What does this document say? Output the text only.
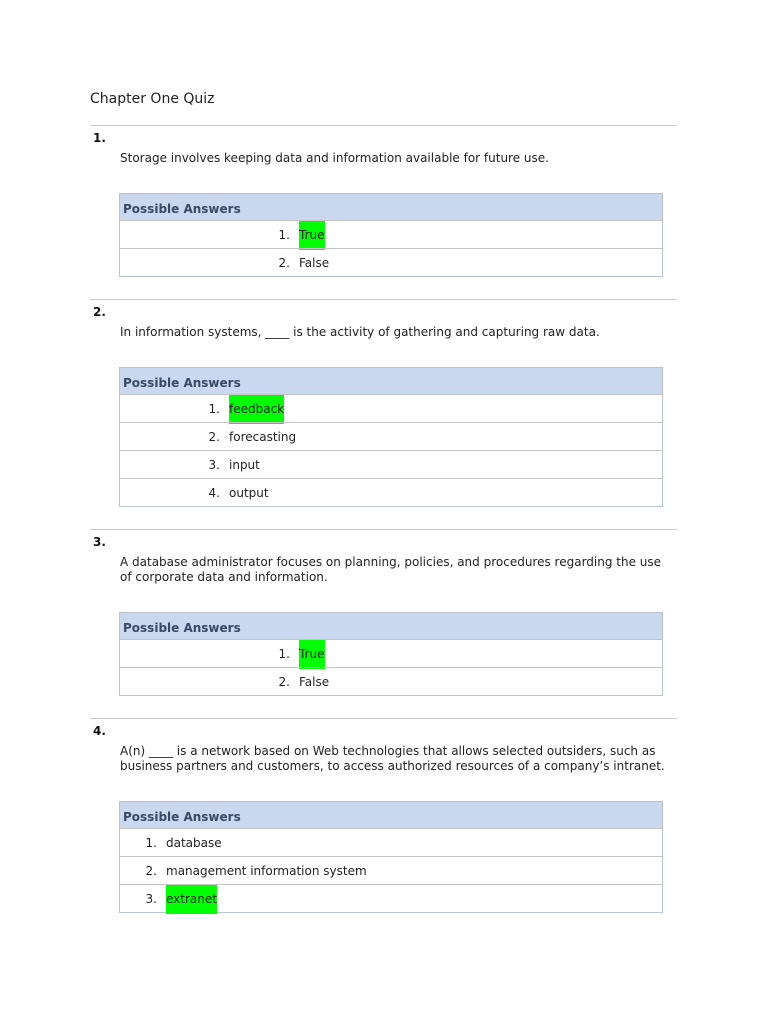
Chapter One Quiz
1.
Storage involves keeping data and information available for future use.
Possible Answers
1. True
2. False
2.
In information systems, ____ is the activity of gathering and capturing raw data.
Possible Answers
1. feedback
2. forecasting
3. input
4. output
3.
A database administrator focuses on planning, policies, and procedures regarding the use of corporate data and information.
Possible Answers
1. True
2. False
4.
A(n) ____ is a network based on Web technologies that allows selected outsiders, such as business partners and customers, to access authorized resources of a company’s intranet.
Possible Answers
1. database
2. management information system
3. extranet
